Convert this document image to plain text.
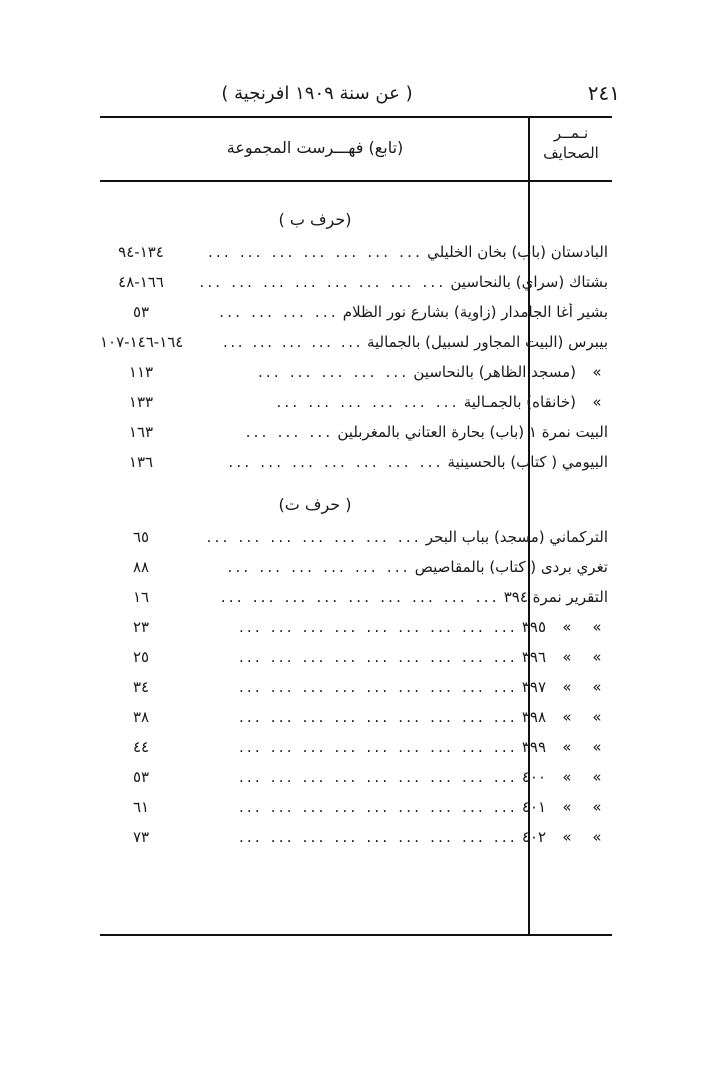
٢٤١
( عن سنة ١٩٠٩ افرنجية )
نـمــر
الصحايف
(تابع) فهـــرست المجموعة
(حرف ب )
البادستان (باب) بخان الخليلي
... ... ... ... ... ... ...
١٣٤-٩٤
بشتاك (سراي) بالنحاسين
... ... ... ... ... ... ... ...
١٦٦-٤٨
بشير أغا الجامدار (زاوية) بشارع نور الظلام
... ... ... ...
٥٣
بيبرس (البيت المجاور لسبيل) بالجمالية
... ... ... ... ...
١٦٤-١٤٦-١٠٧
»
(مسجد الظاهر) بالنحاسين
... ... ... ... ...
١١٣
»
(خانقاه) بالجمـالية
... ... ... ... ... ...
١٣٣
البيت نمرة ١ (باب) بحارة العتاني بالمغربلين
... ... ...
١٦٣
البيومي ( كتاب) بالحسينية
... ... ... ... ... ... ...
١٣٦
( حرف ت)
التركماني (مسجد) بباب البحر
... ... ... ... ... ... ...
٦٥
تغري بردى ( كتاب) بالمقاصيص
... ... ... ... ... ...
٨٨
التقرير نمرة ٣٩٤
... ... ... ... ... ... ... ... ...
١٦
»»
٣٩٥
... ... ... ... ... ... ... ... ...
٢٣
»»
٣٩٦
... ... ... ... ... ... ... ... ...
٢٥
»»
٣٩٧
... ... ... ... ... ... ... ... ...
٣٤
»»
٣٩٨
... ... ... ... ... ... ... ... ...
٣٨
»»
٣٩٩
... ... ... ... ... ... ... ... ...
٤٤
»»
٤٠٠
... ... ... ... ... ... ... ... ...
٥٣
»»
٤٠١
... ... ... ... ... ... ... ... ...
٦١
»»
٤٠٢
... ... ... ... ... ... ... ... ...
٧٣
